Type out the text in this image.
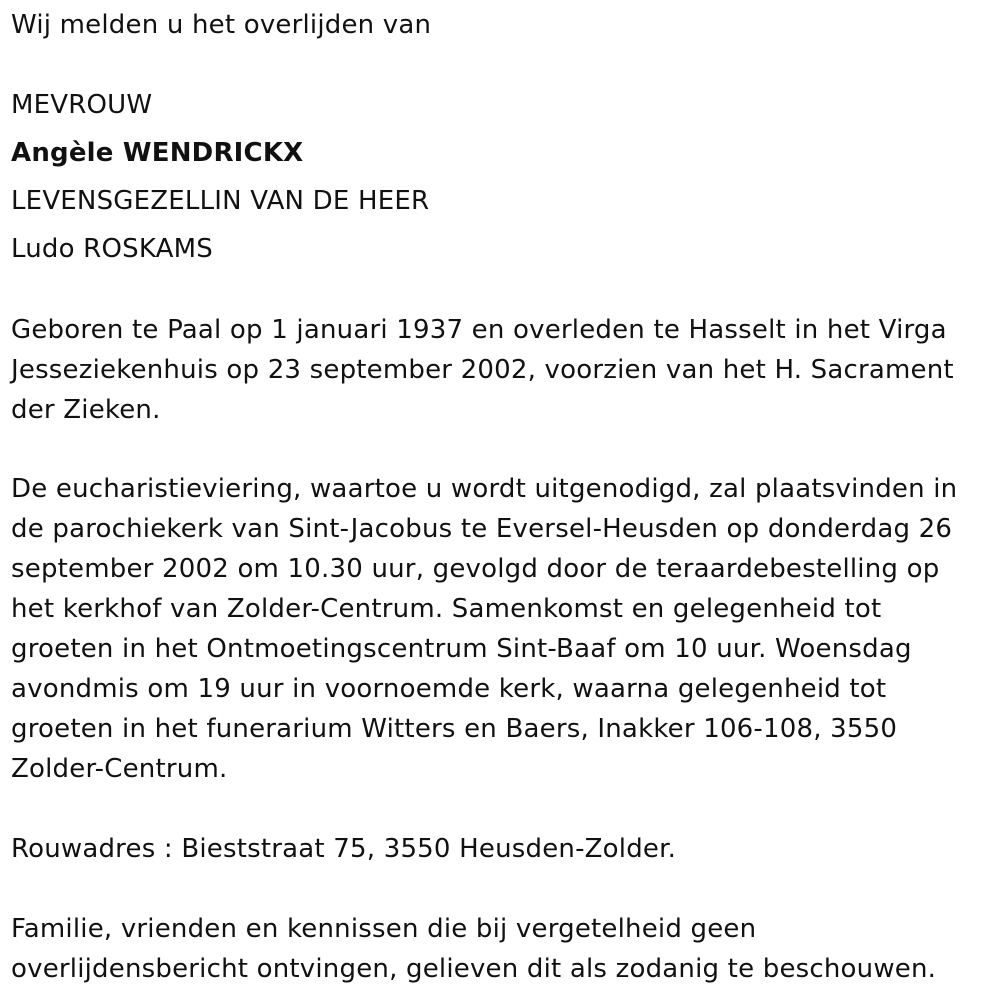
Wij melden u het overlijden van
MEVROUW
Angèle WENDRICKX
LEVENSGEZELLIN VAN DE HEER
Ludo ROSKAMS
Geboren te Paal op 1 januari 1937 en overleden te Hasselt in het Virga
Jesseziekenhuis op 23 september 2002, voorzien van het H. Sacrament
der Zieken.
De eucharistieviering, waartoe u wordt uitgenodigd, zal plaatsvinden in
de parochiekerk van Sint-Jacobus te Eversel-Heusden op donderdag 26
september 2002 om 10.30 uur, gevolgd door de teraardebestelling op
het kerkhof van Zolder-Centrum. Samenkomst en gelegenheid tot
groeten in het Ontmoetingscentrum Sint-Baaf om 10 uur. Woensdag
avondmis om 19 uur in voornoemde kerk, waarna gelegenheid tot
groeten in het funerarium Witters en Baers, Inakker 106-108, 3550
Zolder-Centrum.
Rouwadres : Bieststraat 75, 3550 Heusden-Zolder.
Familie, vrienden en kennissen die bij vergetelheid geen
overlijdensbericht ontvingen, gelieven dit als zodanig te beschouwen.
